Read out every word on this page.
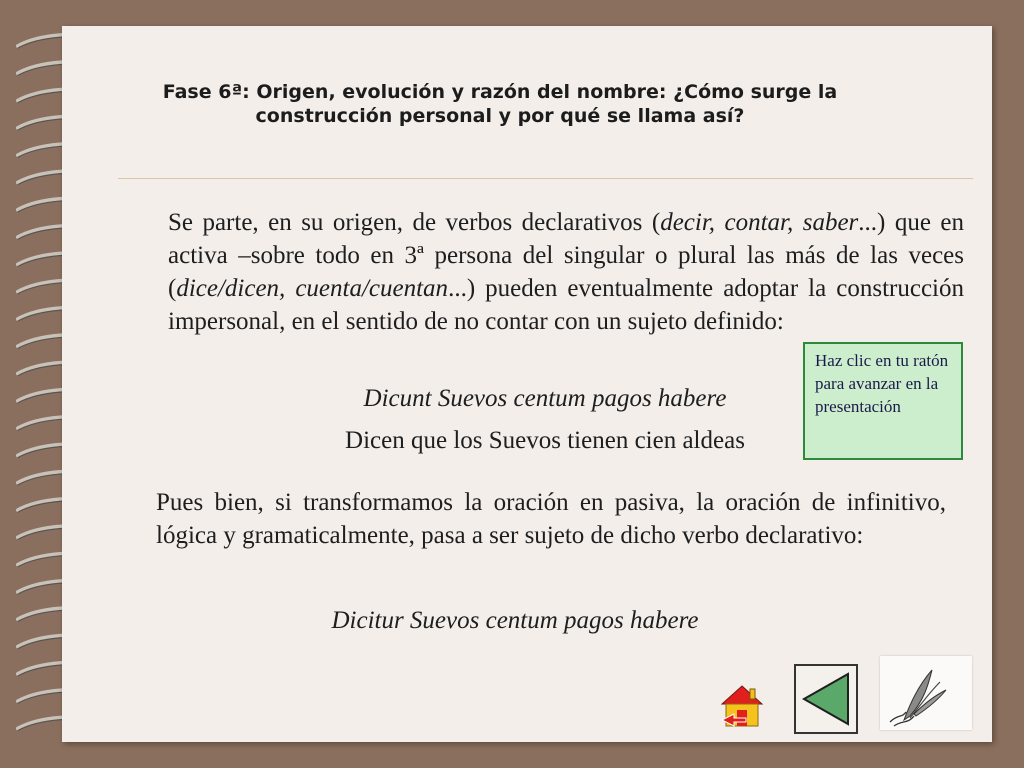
Fase 6ª: Origen, evolución y razón del nombre: ¿Cómo surge la construcción personal y por qué se llama así?
Se parte, en su origen, de verbos declarativos (decir, contar, saber...) que en activa –sobre todo en 3ª persona del singular o plural las más de las veces (dice/dicen, cuenta/cuentan...) pueden eventualmente adoptar la construcción impersonal, en el sentido de no contar con un sujeto definido:
Dicunt Suevos centum pagos habere
Dicen que los Suevos tienen cien aldeas
Haz clic en tu ratón para avanzar en la presentación
Pues bien, si transformamos la oración en pasiva, la oración de infinitivo, lógica y gramaticalmente, pasa a ser sujeto de dicho verbo declarativo:
Dicitur Suevos centum pagos habere
